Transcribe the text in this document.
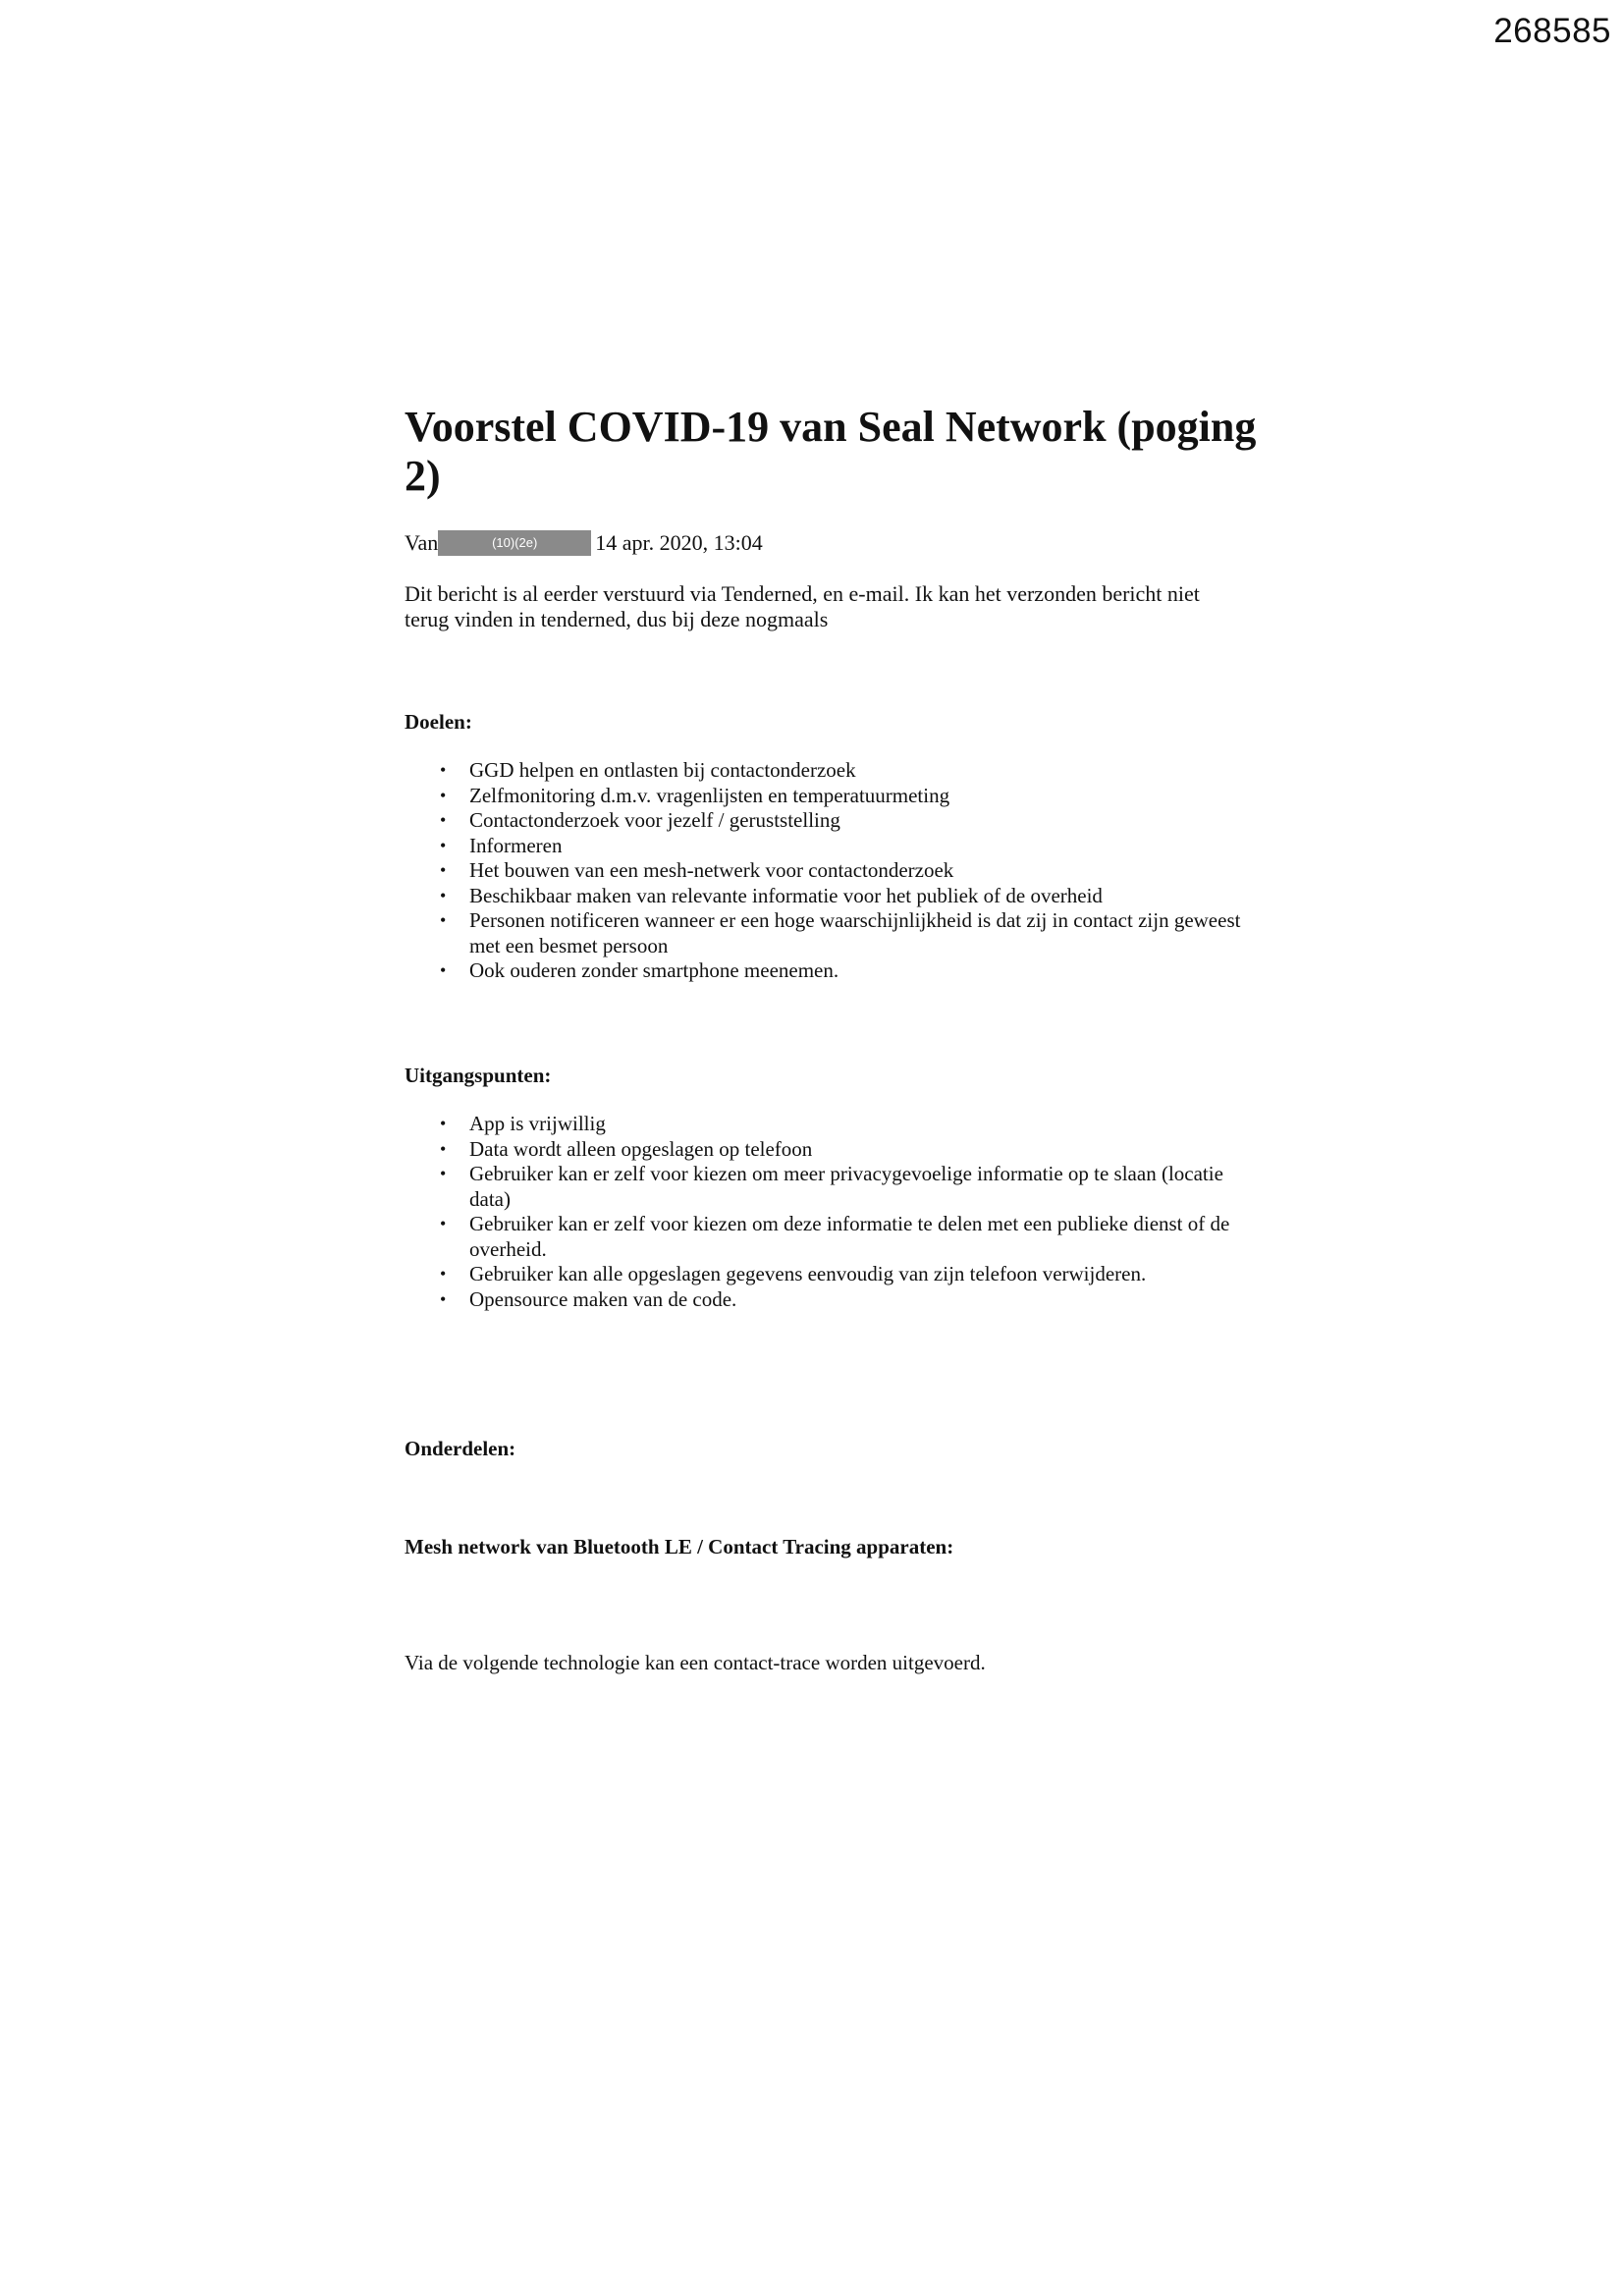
268585
Voorstel COVID-19 van Seal Network (poging 2)
Van	(10)(2e)	14 apr. 2020, 13:04

Dit bericht is al eerder verstuurd via Tenderned, en e-mail. Ik kan het verzonden bericht niet terug vinden in tenderned, dus bij deze nogmaals

Doelen:
• GGD helpen en ontlasten bij contactonderzoek
• Zelfmonitoring d.m.v. vragenlijsten en temperatuurmeting
• Contactonderzoek voor jezelf / geruststelling
• Informeren
• Het bouwen van een mesh-netwerk voor contactonderzoek
• Beschikbaar maken van relevante informatie voor het publiek of de overheid
• Personen notificeren wanneer er een hoge waarschijnlijkheid is dat zij in contact zijn geweest met een besmet persoon
• Ook ouderen zonder smartphone meenemen.
Uitgangspunten:
• App is vrijwillig
• Data wordt alleen opgeslagen op telefoon
• Gebruiker kan er zelf voor kiezen om meer privacygevoelige informatie op te slaan (locatie data)
• Gebruiker kan er zelf voor kiezen om deze informatie te delen met een publieke dienst of de overheid.
• Gebruiker kan alle opgeslagen gegevens eenvoudig van zijn telefoon verwijderen.
• Opensource maken van de code.
Onderdelen:
Mesh network van Bluetooth LE / Contact Tracing apparaten:

Via de volgende technologie kan een contact-trace worden uitgevoerd.
